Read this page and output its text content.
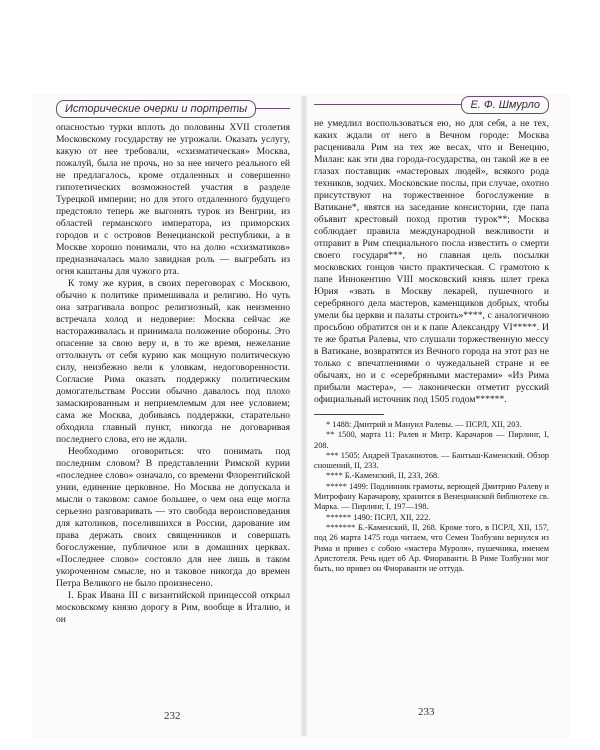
Исторические очерки и портреты

опасностью турки вплоть до половины XVII столетия Московскому государству не угрожали. Оказать услугу, какую от нее требовали, «схизматическая» Москва, пожалуй, была не прочь, но за нее ничего реального ей не предлагалось, кроме отдаленных и совершенно гипотетических возможностей участия в разделе Турецкой империи; но для этого отдаленного будущего предстояло теперь же выгонять турок из Венгрии, из областей германского императора, из приморских городов и с островов Венецианской республики, а в Москве хорошо понимали, что на долю «схизматиков» предназначалась мало завидная роль — выгребать из огня каштаны для чужого рта.

К тому же курия, в своих переговорах с Москвою, обычно к политике примешивала и религию. Но чуть она затрагивала вопрос религиозный, как неизменно встречала холод и недоверие: Москва сейчас же настораживалась и принимала положение обороны. Это опасение за свою веру и, в то же время, нежелание оттолкнуть от себя курию как мощную политическую силу, неизбежно вели к уловкам, недоговоренности. Согласие Рима оказать поддержку политическим домогательствам России обычно давалось под плохо замаскированным и неприемлемым для нее условием; сама же Москва, добиваясь поддержки, старательно обходила главный пункт, никогда не договаривая последнего слова, его не ждали.

Необходимо оговориться: что понимать под последним словом? В представлении Римской курии «последнее слово» означало, со времени Флорентийской унии, единение церковное. Но Москва не допускала и мысли о таковом: самое большее, о чем она еще могла серьезно разговаривать — это свобода вероисповедания для католиков, поселившихся в России, дарование им права держать своих священников и совершать богослужение, публичное или в домашних церквах. «Последнее слово» состояло для нее лишь в таком укороченном смысле, но и таковое никогда до времен Петра Великого не было произнесено.

I. Брак Ивана III с византийской принцессой открыл московскому князю дорогу в Рим, вообще в Италию, и он

232
Е. Ф. Шмурло

не умедлил воспользоваться ею, но для себя, а не тех, каких ждали от него в Вечном городе: Москва расценивала Рим на тех же весах, что и Венецию, Милан: как эти два города-государства, он такой же в ее глазах поставщик «мастеровых людей», всякого рода техников, зодчих. Московские послы, при случае, охотно присутствуют на торжественное богослужение в Ватикане*, явятся на заседание консистории, где папа объявит крестовый поход против турок**; Москва соблюдает правила международной вежливости и отправит в Рим специального посла известить о смерти своего государя***, но главная цель посылки московских гонцов чисто практическая. С грамотою к папе Иннокентию VIII московский князь шлет грека Юрия «звать в Москву лекарей, пушечного и серебряного дела мастеров, каменщиков добрых, чтобы умели бы церкви и палаты строить»****, с аналогичною просьбою обратится он и к папе Александру VI*****. И те же братья Ралевы, что слушали торжественную мессу в Ватикане, возвратятся из Вечного города на этот раз не только с впечатлениями о чужедальней стране и ее обычаях, но и с «серебряными мастерами» «Из Рима прибыли мастера», — лаконически отметит русский официальный источник под 1505 годом******.

* 1488: Дмитрий и Мануил Ралевы. — ПСРЛ, XII, 203.

** 1500, марта 11: Ралев и Митр. Карачаров — Пирлинг, I, 208.

*** 1505: Андрей Траханиотов. — Бантыш-Каменский. Обзор сношений, II, 233.

**** Б.-Каменский, II, 233, 268.

***** 1499: Подлинник грамоты, верющей Дмитрию Ралеву и Митрофану Карачарову, хранится в Венецианской библиотеке св. Марка. — Пирлинг, I, 197—198.

****** 1490: ПСРЛ, XII, 222.

******* Б.-Каменский, II, 268. Кроме того, в ПСРЛ, XII, 157, под 26 марта 1475 года читаем, что Семен Толбузин вернулся из Рима и привез с собою «мастера Муроля», пушечника, именем Аристотеля. Речь идет об Ар. Фиораванти. В Риме Толбузин мог быть, но привез он Фиораванти не оттуда.

233
